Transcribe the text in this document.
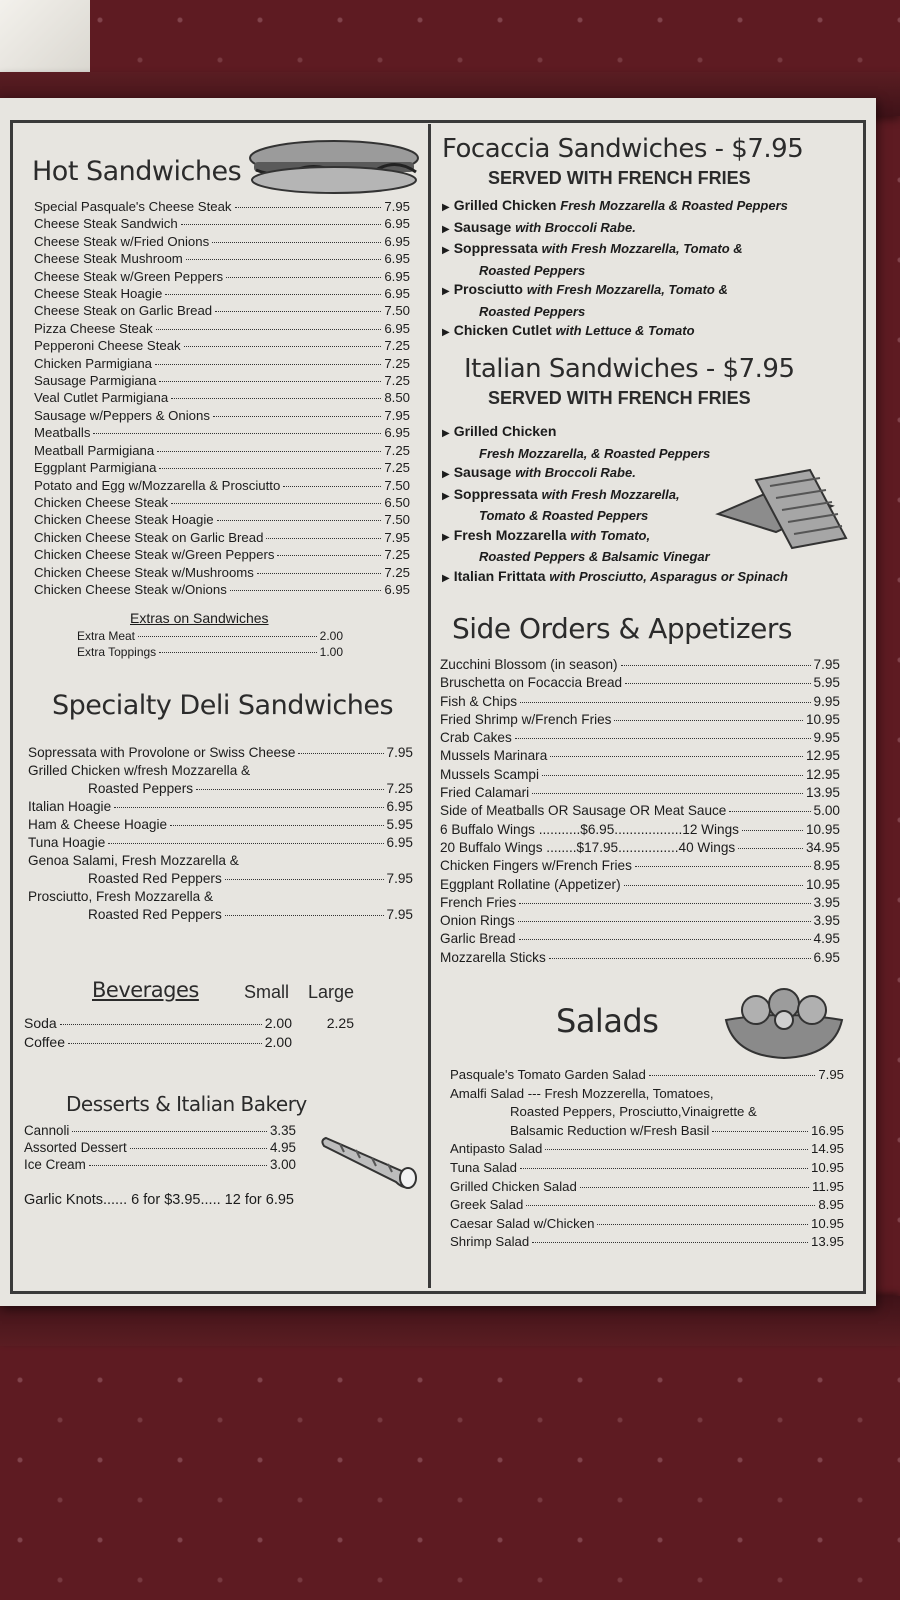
Hot Sandwiches
Special Pasquale's Cheese Steak	7.95
Cheese Steak Sandwich	6.95
Cheese Steak w/Fried Onions	6.95
Cheese Steak Mushroom	6.95
Cheese Steak w/Green Peppers	6.95
Cheese Steak Hoagie	6.95
Cheese Steak on Garlic Bread	7.50
Pizza Cheese Steak	6.95
Pepperoni Cheese Steak	7.25
Chicken Parmigiana	7.25
Sausage Parmigiana	7.25
Veal Cutlet Parmigiana	8.50
Sausage w/Peppers & Onions	7.95
Meatballs	6.95
Meatball Parmigiana	7.25
Eggplant Parmigiana	7.25
Potato and Egg w/Mozzarella & Prosciutto	7.50
Chicken Cheese Steak	6.50
Chicken Cheese Steak Hoagie	7.50
Chicken Cheese Steak on Garlic Bread	7.95
Chicken Cheese Steak w/Green Peppers	7.25
Chicken Cheese Steak w/Mushrooms	7.25
Chicken Cheese Steak w/Onions	6.95
Extras on Sandwiches
Extra Meat	2.00
Extra Toppings	1.00
Specialty Deli Sandwiches
Sopressata with Provolone or Swiss Cheese	7.95
Grilled Chicken w/fresh Mozzarella &
Roasted Peppers	7.25
Italian Hoagie	6.95
Ham & Cheese Hoagie	5.95
Tuna Hoagie	6.95
Genoa Salami, Fresh Mozzarella &
Roasted Red Peppers	7.95
Prosciutto, Fresh Mozzarella &
Roasted Red Peppers	7.95
Beverages	Small Large
Soda	2.00	2.25
Coffee	2.00
Desserts & Italian Bakery
Cannoli	3.35
Assorted Dessert	4.95
Ice Cream	3.00
Garlic Knots...... 6 for $3.95..... 12 for 6.95
Focaccia Sandwiches - $7.95
SERVED WITH FRENCH FRIES
▶ Grilled Chicken Fresh Mozzarella & Roasted Peppers
▶ Sausage with Broccoli Rabe.
▶ Soppressata with Fresh Mozzarella, Tomato &
Roasted Peppers
▶ Prosciutto with Fresh Mozzarella, Tomato &
Roasted Peppers
▶ Chicken Cutlet with Lettuce & Tomato
Italian Sandwiches - $7.95
SERVED WITH FRENCH FRIES
▶ Grilled Chicken
Fresh Mozzarella, & Roasted Peppers
▶ Sausage with Broccoli Rabe.
▶ Soppressata with Fresh Mozzarella,
Tomato & Roasted Peppers
▶ Fresh Mozzarella with Tomato,
Roasted Peppers & Balsamic Vinegar
▶ Italian Frittata with Prosciutto, Asparagus or Spinach
Side Orders & Appetizers
Zucchini Blossom (in season)	7.95
Bruschetta on Focaccia Bread	5.95
Fish & Chips	9.95
Fried Shrimp w/French Fries	10.95
Crab Cakes	9.95
Mussels Marinara	12.95
Mussels Scampi	12.95
Fried Calamari	13.95
Side of Meatballs OR Sausage OR Meat Sauce	5.00
6 Buffalo Wings ...........$6.95..................12 Wings	10.95
20 Buffalo Wings ........$17.95................40 Wings	34.95
Chicken Fingers w/French Fries	8.95
Eggplant Rollatine (Appetizer)	10.95
French Fries	3.95
Onion Rings	3.95
Garlic Bread	4.95
Mozzarella Sticks	6.95
Salads
Pasquale's Tomato Garden Salad	7.95
Amalfi Salad --- Fresh Mozzerella, Tomatoes,
Roasted Peppers, Prosciutto,Vinaigrette &
Balsamic Reduction w/Fresh Basil	16.95
Antipasto Salad	14.95
Tuna Salad	10.95
Grilled Chicken Salad	11.95
Greek Salad	8.95
Caesar Salad w/Chicken	10.95
Shrimp Salad	13.95
